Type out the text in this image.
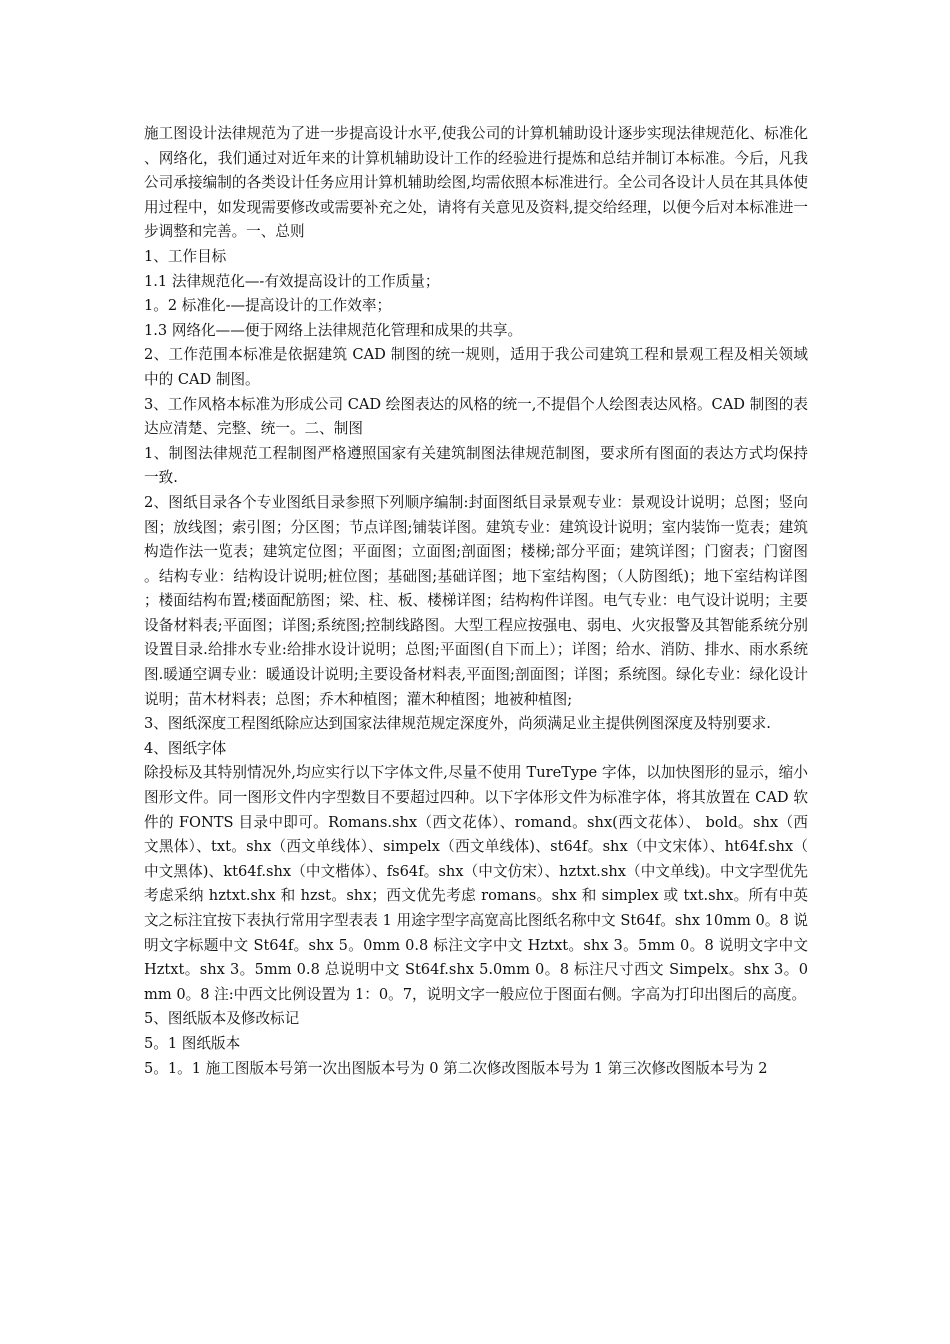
施工图设计法律规范为了进一步提高设计水平,使我公司的计算机辅助设计逐步实现法律规范化、标准化、网络化，我们通过对近年来的计算机辅助设计工作的经验进行提炼和总结并制订本标准。今后，凡我公司承接编制的各类设计任务应用计算机辅助绘图,均需依照本标准进行。全公司各设计人员在其具体使用过程中，如发现需要修改或需要补充之处，请将有关意见及资料,提交给经理，以便今后对本标准进一步调整和完善。一、总则

1、工作目标

1.1 法律规范化—-有效提高设计的工作质量；

1。2 标准化-—提高设计的工作效率；

1.3 网络化——便于网络上法律规范化管理和成果的共享。

2、工作范围本标准是依据建筑 CAD 制图的统一规则，适用于我公司建筑工程和景观工程及相关领域中的 CAD 制图。

3、工作风格本标准为形成公司 CAD 绘图表达的风格的统一,不提倡个人绘图表达风格。CAD 制图的表达应清楚、完整、统一。二、制图

1、制图法律规范工程制图严格遵照国家有关建筑制图法律规范制图，要求所有图面的表达方式均保持一致.

2、图纸目录各个专业图纸目录参照下列顺序编制:封面图纸目录景观专业：景观设计说明；总图；竖向图；放线图；索引图；分区图；节点详图;铺装详图。建筑专业：建筑设计说明；室内装饰一览表；建筑构造作法一览表；建筑定位图；平面图；立面图;剖面图；楼梯;部分平面；建筑详图；门窗表；门窗图。结构专业：结构设计说明;桩位图；基础图;基础详图；地下室结构图；（人防图纸)；地下室结构详图；楼面结构布置;楼面配筋图；梁、柱、板、楼梯详图；结构构件详图。电气专业：电气设计说明；主要设备材料表;平面图；详图;系统图;控制线路图。大型工程应按强电、弱电、火灾报警及其智能系统分别设置目录.给排水专业:给排水设计说明；总图;平面图(自下而上）；详图；给水、消防、排水、雨水系统图.暖通空调专业：暖通设计说明;主要设备材料表,平面图;剖面图；详图；系统图。绿化专业：绿化设计说明；苗木材料表；总图；乔木种植图；灌木种植图；地被种植图;

3、图纸深度工程图纸除应达到国家法律规范规定深度外，尚须满足业主提供例图深度及特别要求.

4、图纸字体

除投标及其特别情况外,均应实行以下字体文件,尽量不使用 TureType 字体，以加快图形的显示，缩小图形文件。同一图形文件内字型数目不要超过四种。以下字体形文件为标准字体，将其放置在 CAD 软件的 FONTS 目录中即可。Romans.shx（西文花体）、romand。shx(西文花体）、 bold。shx（西文黑体）、txt。shx（西文单线体）、simpelx（西文单线体)、st64f。shx（中文宋体）、ht64f.shx（中文黑体)、kt64f.shx（中文楷体）、fs64f。shx（中文仿宋）、hztxt.shx（中文单线)。中文字型优先考虑采纳 hztxt.shx 和 hzst。shx；西文优先考虑 romans。shx 和 simplex 或 txt.shx。所有中英文之标注宜按下表执行常用字型表表 1 用途字型字高宽高比图纸名称中文 St64f。shx 10mm 0。8 说明文字标题中文 St64f。shx 5。0mm 0.8 标注文字中文 Hztxt。shx 3。5mm 0。8 说明文字中文 Hztxt。shx 3。5mm 0.8 总说明中文 St64f.shx 5.0mm 0。8 标注尺寸西文 Simpelx。shx 3。0mm 0。8 注:中西文比例设置为 1：0。7，说明文字一般应位于图面右侧。字高为打印出图后的高度。

5、图纸版本及修改标记

5。1 图纸版本

5。1。1 施工图版本号第一次出图版本号为 0 第二次修改图版本号为 1 第三次修改图版本号为 2
